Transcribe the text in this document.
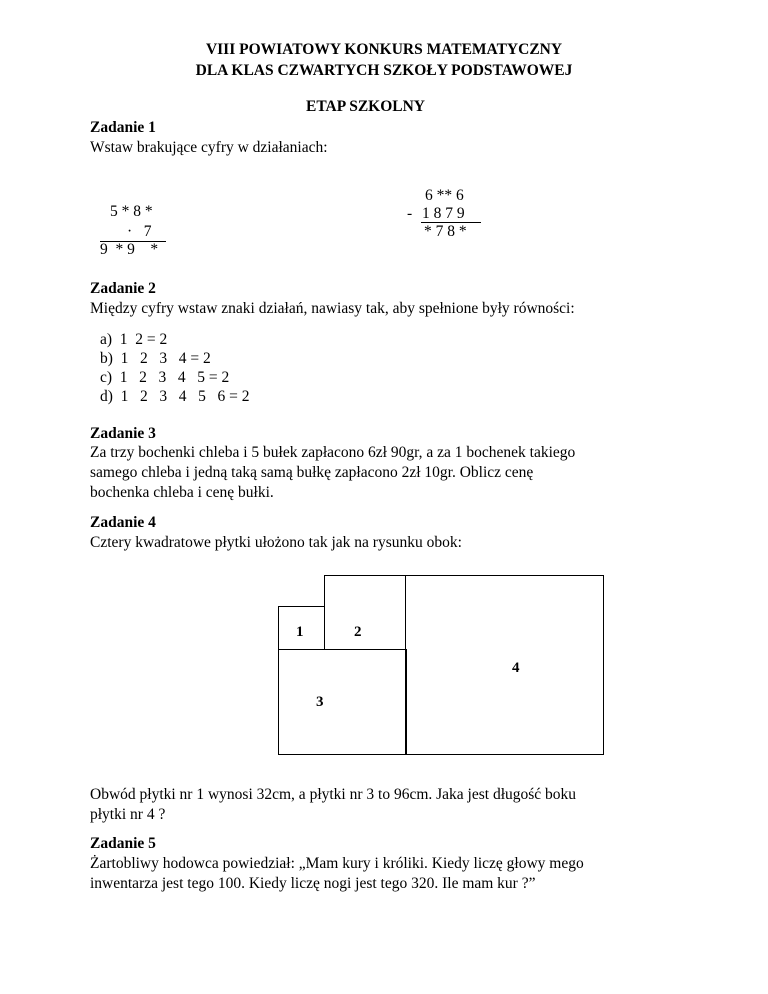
VIII POWIATOWY KONKURS MATEMATYCZNY
DLA KLAS CZWARTYCH SZKOŁY PODSTAWOWEJ
ETAP SZKOLNY
Zadanie 1
Wstaw brakujące cyfry w działaniach:
5 * 8 *
·   7
9  * 9    *
6 ** 6
- 1 8 7 9
* 7 8 *
Zadanie 2
Między cyfry wstaw znaki działań, nawiasy tak, aby spełnione były równości:
a) 1  2 = 2
b) 1   2   3   4 = 2
c) 1   2   3   4   5 = 2
d) 1   2   3   4   5   6 = 2
Zadanie 3
Za trzy bochenki chleba i 5 bułek zapłacono 6zł 90gr, a za 1 bochenek takiego
samego chleba i jedną taką samą bułkę zapłacono 2zł 10gr. Oblicz cenę
bochenka chleba i cenę bułki.
Zadanie 4
Cztery kwadratowe płytki ułożono tak jak na rysunku obok:
1	2
3
4
Obwód płytki nr 1 wynosi 32cm, a płytki nr 3 to 96cm. Jaka jest długość boku
płytki nr 4 ?
Zadanie 5
Żartobliwy hodowca powiedział: „Mam kury i króliki. Kiedy liczę głowy mego
inwentarza jest tego 100. Kiedy liczę nogi jest tego 320. Ile mam kur ?”
